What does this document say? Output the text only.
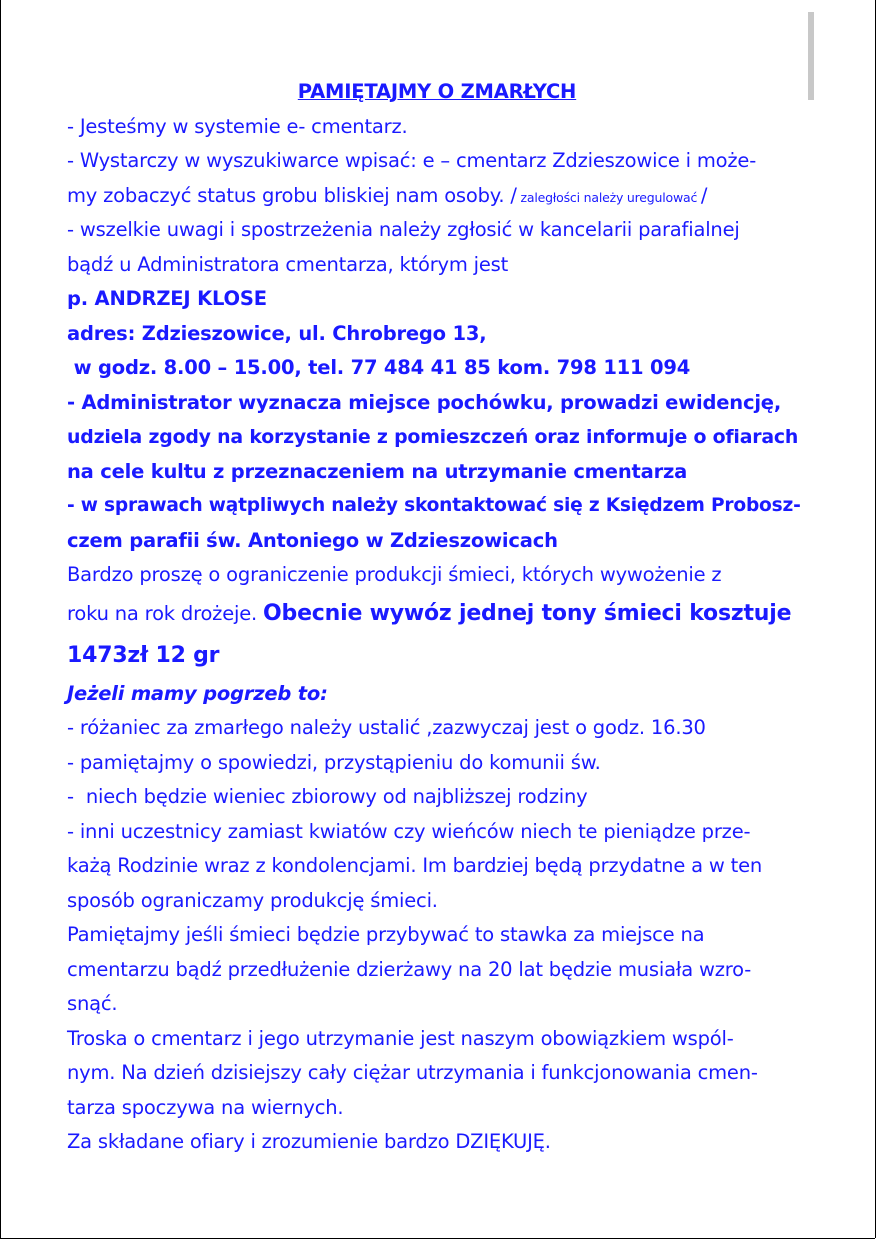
PAMIĘTAJMY O ZMARŁYCH
- Jesteśmy w systemie e- cmentarz.
- Wystarczy w wyszukiwarce wpisać: e – cmentarz Zdzieszowice i może-
my zobaczyć status grobu bliskiej nam osoby. / zaległości należy uregulować /
- wszelkie uwagi i spostrzeżenia należy zgłosić w kancelarii parafialnej
bądź u Administratora cmentarza, którym jest
p. ANDRZEJ KLOSE
adres: Zdzieszowice, ul. Chrobrego 13,
w godz. 8.00 – 15.00, tel. 77 484 41 85 kom. 798 111 094
- Administrator wyznacza miejsce pochówku, prowadzi ewidencję,
udziela zgody na korzystanie z pomieszczeń oraz informuje o ofiarach
na cele kultu z przeznaczeniem na utrzymanie cmentarza
- w sprawach wątpliwych należy skontaktować się z Księdzem Probosz-
czem parafii św. Antoniego w Zdzieszowicach
Bardzo proszę o ograniczenie produkcji śmieci, których wywożenie z
roku na rok drożeje. Obecnie wywóz jednej tony śmieci kosztuje
1473zł 12 gr
Jeżeli mamy pogrzeb to:
- różaniec za zmarłego należy ustalić ,zazwyczaj jest o godz. 16.30
- pamiętajmy o spowiedzi, przystąpieniu do komunii św.
-  niech będzie wieniec zbiorowy od najbliższej rodziny
- inni uczestnicy zamiast kwiatów czy wieńców niech te pieniądze prze-
każą Rodzinie wraz z kondolencjami. Im bardziej będą przydatne a w ten
sposób ograniczamy produkcję śmieci.
Pamiętajmy jeśli śmieci będzie przybywać to stawka za miejsce na
cmentarzu bądź przedłużenie dzierżawy na 20 lat będzie musiała wzro-
snąć.
Troska o cmentarz i jego utrzymanie jest naszym obowiązkiem wspól-
nym. Na dzień dzisiejszy cały ciężar utrzymania i funkcjonowania cmen-
tarza spoczywa na wiernych.
Za składane ofiary i zrozumienie bardzo DZIĘKUJĘ.
